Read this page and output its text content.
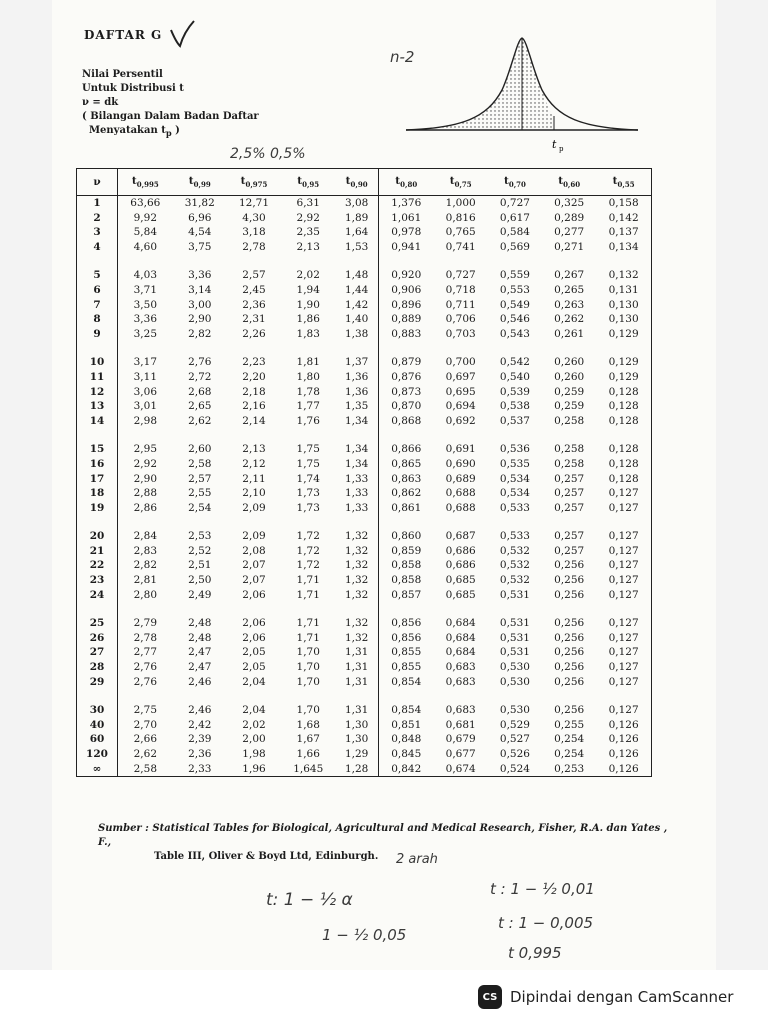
DAFTAR G
Nilai Persentil
Untuk Distribusi t
ν = dk
( Bilangan Dalam Badan Daftar
Menyatakan $t_p$ )
t p
n-2
2,5% 0,5%
ν	$t_{0,995}$	$t_{0,99}$	$t_{0,975}$	$t_{0,95}$	$t_{0,90}$	$t_{0,80}$	$t_{0,75}$	$t_{0,70}$	$t_{0,60}$	$t_{0,55}$
1	63,66	31,82	12,71	6,31	3,08	1,376	1,000	0,727	0,325	0,158
2	9,92	6,96	4,30	2,92	1,89	1,061	0,816	0,617	0,289	0,142
3	5,84	4,54	3,18	2,35	1,64	0,978	0,765	0,584	0,277	0,137
4	4,60	3,75	2,78	2,13	1,53	0,941	0,741	0,569	0,271	0,134

5	4,03	3,36	2,57	2,02	1,48	0,920	0,727	0,559	0,267	0,132
6	3,71	3,14	2,45	1,94	1,44	0,906	0,718	0,553	0,265	0,131
7	3,50	3,00	2,36	1,90	1,42	0,896	0,711	0,549	0,263	0,130
8	3,36	2,90	2,31	1,86	1,40	0,889	0,706	0,546	0,262	0,130
9	3,25	2,82	2,26	1,83	1,38	0,883	0,703	0,543	0,261	0,129

10	3,17	2,76	2,23	1,81	1,37	0,879	0,700	0,542	0,260	0,129
11	3,11	2,72	2,20	1,80	1,36	0,876	0,697	0,540	0,260	0,129
12	3,06	2,68	2,18	1,78	1,36	0,873	0,695	0,539	0,259	0,128
13	3,01	2,65	2,16	1,77	1,35	0,870	0,694	0,538	0,259	0,128
14	2,98	2,62	2,14	1,76	1,34	0,868	0,692	0,537	0,258	0,128

15	2,95	2,60	2,13	1,75	1,34	0,866	0,691	0,536	0,258	0,128
16	2,92	2,58	2,12	1,75	1,34	0,865	0,690	0,535	0,258	0,128
17	2,90	2,57	2,11	1,74	1,33	0,863	0,689	0,534	0,257	0,128
18	2,88	2,55	2,10	1,73	1,33	0,862	0,688	0,534	0,257	0,127
19	2,86	2,54	2,09	1,73	1,33	0,861	0,688	0,533	0,257	0,127

20	2,84	2,53	2,09	1,72	1,32	0,860	0,687	0,533	0,257	0,127
21	2,83	2,52	2,08	1,72	1,32	0,859	0,686	0,532	0,257	0,127
22	2,82	2,51	2,07	1,72	1,32	0,858	0,686	0,532	0,256	0,127
23	2,81	2,50	2,07	1,71	1,32	0,858	0,685	0,532	0,256	0,127
24	2,80	2,49	2,06	1,71	1,32	0,857	0,685	0,531	0,256	0,127

25	2,79	2,48	2,06	1,71	1,32	0,856	0,684	0,531	0,256	0,127
26	2,78	2,48	2,06	1,71	1,32	0,856	0,684	0,531	0,256	0,127
27	2,77	2,47	2,05	1,70	1,31	0,855	0,684	0,531	0,256	0,127
28	2,76	2,47	2,05	1,70	1,31	0,855	0,683	0,530	0,256	0,127
29	2,76	2,46	2,04	1,70	1,31	0,854	0,683	0,530	0,256	0,127

30	2,75	2,46	2,04	1,70	1,31	0,854	0,683	0,530	0,256	0,127
40	2,70	2,42	2,02	1,68	1,30	0,851	0,681	0,529	0,255	0,126
60	2,66	2,39	2,00	1,67	1,30	0,848	0,679	0,527	0,254	0,126
120	2,62	2,36	1,98	1,66	1,29	0,845	0,677	0,526	0,254	0,126
∞	2,58	2,33	1,96	1,645	1,28	0,842	0,674	0,524	0,253	0,126
Sumber : Statistical Tables for Biological, Agricultural and Medical Research, Fisher, R.A. dan Yates , F.,
Table III, Oliver & Boyd Ltd, Edinburgh.	2 arah
t: 1 − ½ α
1 − ½ 0,05
t : 1 − ½ 0,01
t : 1 − 0,005
t 0,995
CS Dipindai dengan CamScanner
